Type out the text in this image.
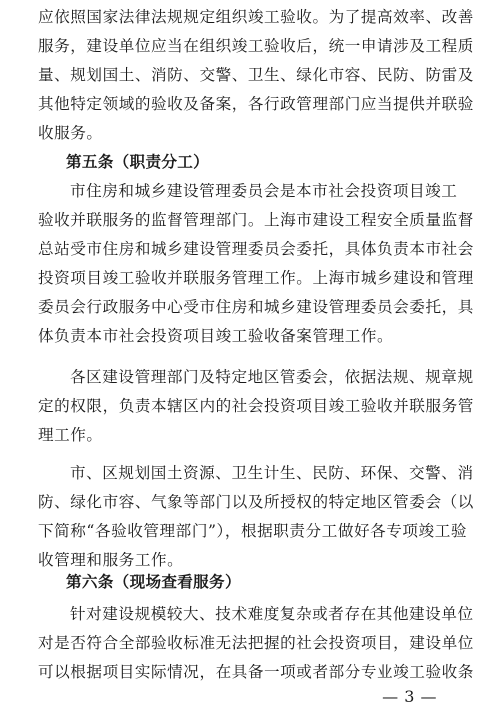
应依照国家法律法规规定组织竣工验收。为了提高效率、改善
服务，建设单位应当在组织竣工验收后，统一申请涉及工程质
量、规划国土、消防、交警、卫生、绿化市容、民防、防雷及
其他特定领域的验收及备案，各行政管理部门应当提供并联验
收服务。
第五条（职责分工）
市住房和城乡建设管理委员会是本市社会投资项目竣工
验收并联服务的监督管理部门。上海市建设工程安全质量监督
总站受市住房和城乡建设管理委员会委托，具体负责本市社会
投资项目竣工验收并联服务管理工作。上海市城乡建设和管理
委员会行政服务中心受市住房和城乡建设管理委员会委托，具
体负责本市社会投资项目竣工验收备案管理工作。
各区建设管理部门及特定地区管委会，依据法规、规章规
定的权限，负责本辖区内的社会投资项目竣工验收并联服务管
理工作。
市、区规划国土资源、卫生计生、民防、环保、交警、消
防、绿化市容、气象等部门以及所授权的特定地区管委会（以
下简称“各验收管理部门”），根据职责分工做好各专项竣工验
收管理和服务工作。
第六条（现场查看服务）
针对建设规模较大、技术难度复杂或者存在其他建设单位
对是否符合全部验收标准无法把握的社会投资项目，建设单位
可以根据项目实际情况，在具备一项或者部分专业竣工验收条
— 3 —
